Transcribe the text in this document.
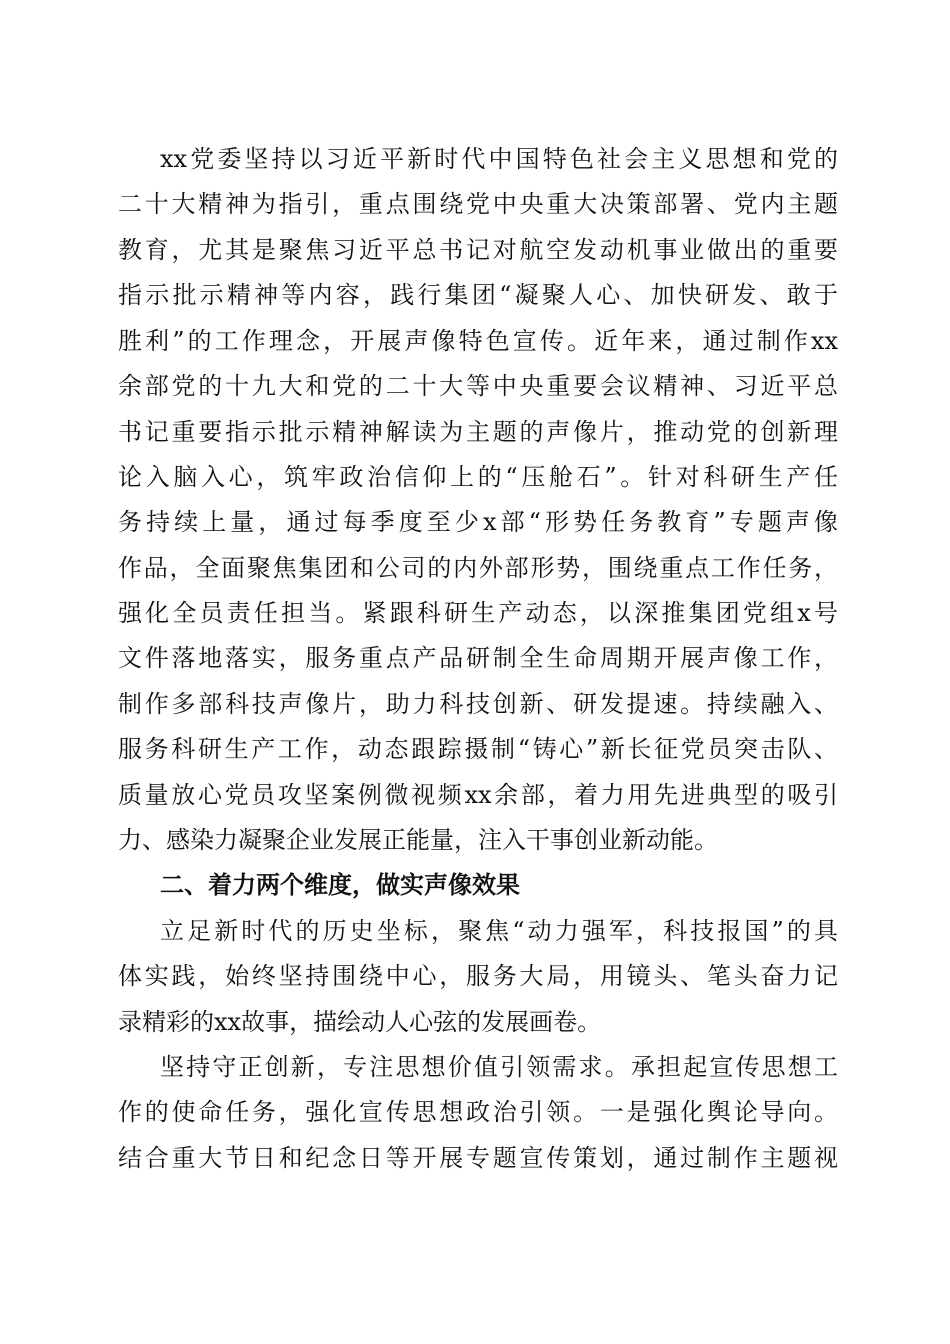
xx党委坚持以习近平新时代中国特色社会主义思想和党的
二十大精神为指引，重点围绕党中央重大决策部署、党内主题
教育，尤其是聚焦习近平总书记对航空发动机事业做出的重要
指示批示精神等内容，践行集团“凝聚人心、加快研发、敢于
胜利”的工作理念，开展声像特色宣传。近年来，通过制作xx
余部党的十九大和党的二十大等中央重要会议精神、习近平总
书记重要指示批示精神解读为主题的声像片，推动党的创新理
论入脑入心，筑牢政治信仰上的“压舱石”。针对科研生产任
务持续上量，通过每季度至少x部“形势任务教育”专题声像
作品，全面聚焦集团和公司的内外部形势，围绕重点工作任务，
强化全员责任担当。紧跟科研生产动态，以深推集团党组x号
文件落地落实，服务重点产品研制全生命周期开展声像工作，
制作多部科技声像片，助力科技创新、研发提速。持续融入、
服务科研生产工作，动态跟踪摄制“铸心”新长征党员突击队、
质量放心党员攻坚案例微视频xx余部，着力用先进典型的吸引
力、感染力凝聚企业发展正能量，注入干事创业新动能。
二、着力两个维度，做实声像效果
立足新时代的历史坐标，聚焦“动力强军，科技报国”的具
体实践，始终坚持围绕中心，服务大局，用镜头、笔头奋力记
录精彩的xx故事，描绘动人心弦的发展画卷。
坚持守正创新，专注思想价值引领需求。承担起宣传思想工
作的使命任务，强化宣传思想政治引领。一是强化舆论导向。
结合重大节日和纪念日等开展专题宣传策划，通过制作主题视
